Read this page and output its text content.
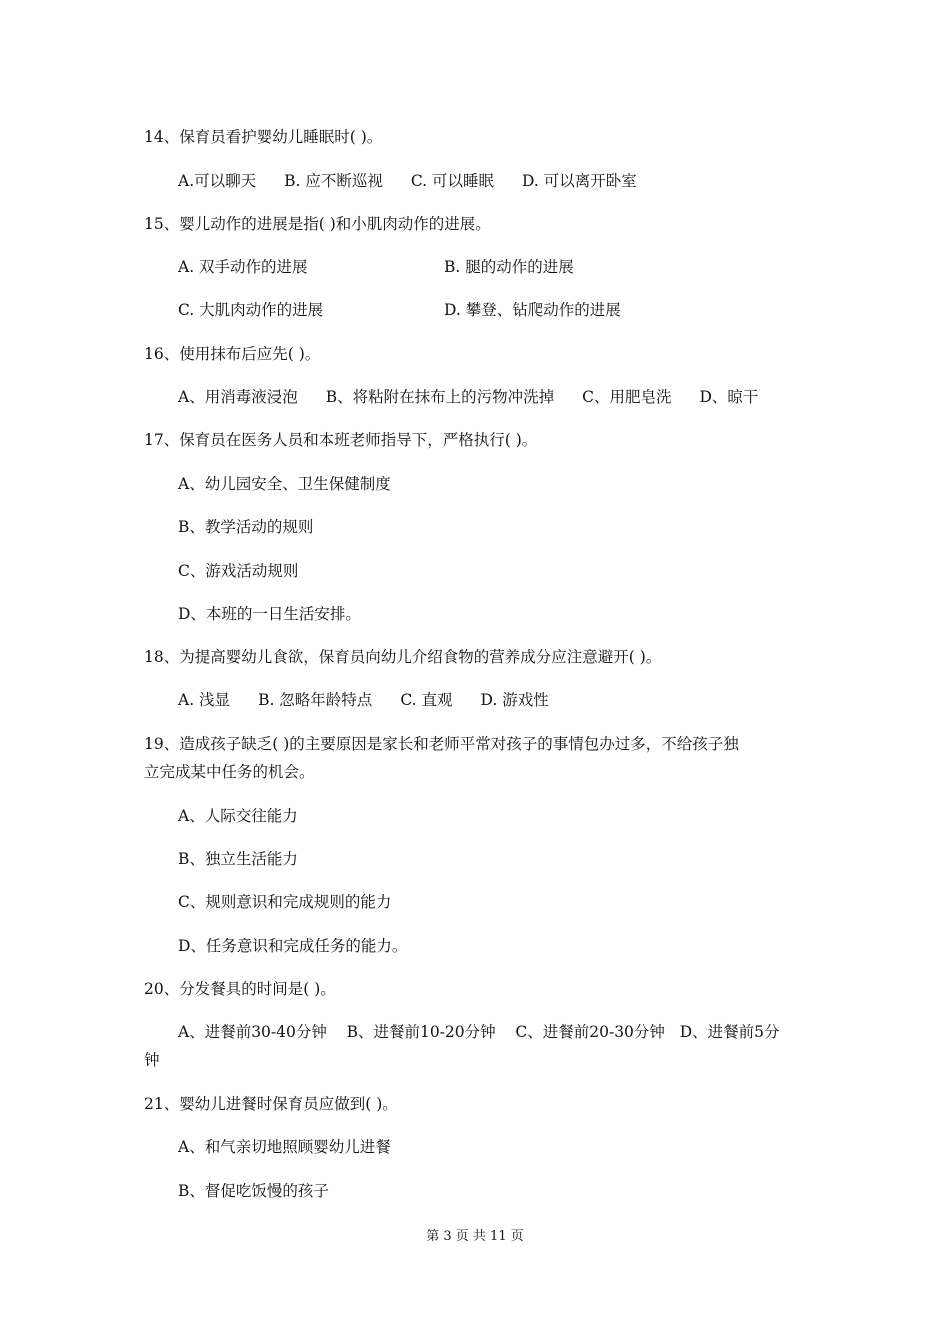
14、保育员看护婴幼儿睡眠时( )。
A.可以聊天 B. 应不断巡视 C. 可以睡眠 D. 可以离开卧室
15、婴儿动作的进展是指( )和小肌肉动作的进展。
A. 双手动作的进展	B. 腿的动作的进展
C. 大肌肉动作的进展	D. 攀登、钻爬动作的进展
16、使用抹布后应先( )。
A、用消毒液浸泡 B、将粘附在抹布上的污物冲洗掉 C、用肥皂洗 D、晾干
17、保育员在医务人员和本班老师指导下，严格执行( )。
A、幼儿园安全、卫生保健制度
B、教学活动的规则
C、游戏活动规则
D、本班的一日生活安排。
18、为提高婴幼儿食欲，保育员向幼儿介绍食物的营养成分应注意避开( )。
A. 浅显 B. 忽略年龄特点 C. 直观 D. 游戏性
19、造成孩子缺乏( )的主要原因是家长和老师平常对孩子的事情包办过多，不给孩子独
立完成某中任务的机会。
A、人际交往能力
B、独立生活能力
C、规则意识和完成规则的能力
D、任务意识和完成任务的能力。
20、分发餐具的时间是( )。
A、进餐前30-40分钟    B、进餐前10-20分钟    C、进餐前20-30分钟   D、进餐前5分
钟
21、婴幼儿进餐时保育员应做到( )。
A、和气亲切地照顾婴幼儿进餐
B、督促吃饭慢的孩子
第 3 页 共 11 页
